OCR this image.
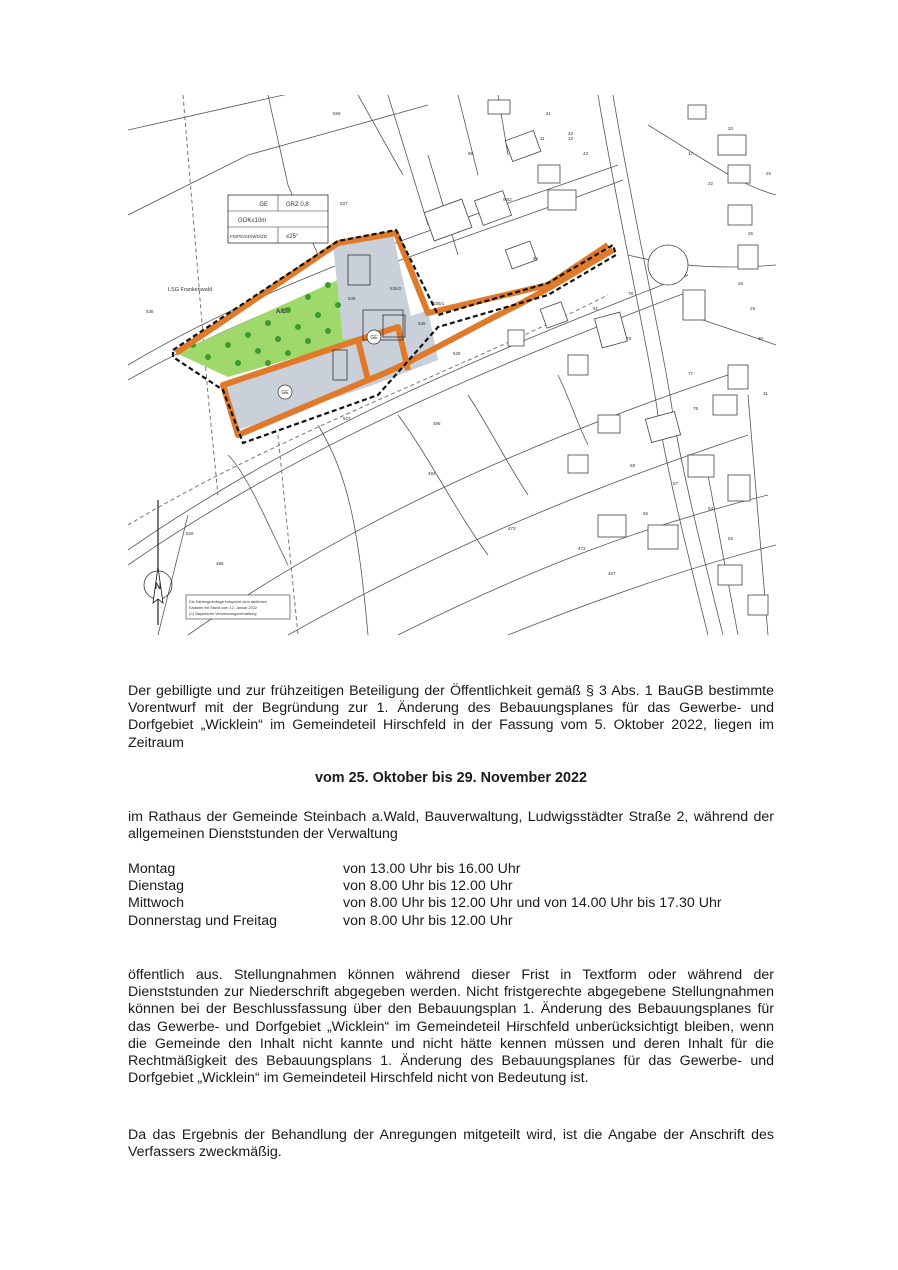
GE	GRZ 0,8
GOK≤10m
FD/PD/SD/WD/ZD	≤25°
LSG Frankenwald
A/E
GE
GE
556
537
538
539
536/2
535/1
535
529
527
495
494
473
472
467
526
496
96
94/2
94
91
79
78
77
75
58
57
56
54
52
41
42
43	17
20
22
25
26
28
29
30
31
11	12
N
Die Kartengrundlage entspricht dem amtlichen
Kataster mit Stand vom 12. Januar 2022
(C) Bayerische Vermessungsverwaltung
Der gebilligte und zur frühzeitigen Beteiligung der Öffentlichkeit gemäß § 3 Abs. 1 BauGB bestimmte Vorentwurf mit der Begründung zur 1. Änderung des Bebauungsplanes für das Gewerbe- und Dorfgebiet „Wicklein“ im Gemeindeteil Hirschfeld in der Fassung vom 5. Oktober 2022, liegen im Zeitraum
vom 25. Oktober bis 29. November 2022
im Rathaus der Gemeinde Steinbach a.Wald, Bauverwaltung, Ludwigsstädter Straße 2, während der allgemeinen Dienststunden der Verwaltung
Montag	von 13.00 Uhr bis 16.00 Uhr
Dienstag	von 8.00 Uhr bis 12.00 Uhr
Mittwoch	von 8.00 Uhr bis 12.00 Uhr und von 14.00 Uhr bis 17.30 Uhr
Donnerstag und Freitag	von 8.00 Uhr bis 12.00 Uhr
öffentlich aus. Stellungnahmen können während dieser Frist in Textform oder während der Dienststunden zur Niederschrift abgegeben werden. Nicht fristgerechte abgegebene Stellungnahmen können bei der Beschlussfassung über den Bebauungsplan 1. Änderung des Bebauungsplanes für das Gewerbe- und Dorfgebiet „Wicklein“ im Gemeindeteil Hirschfeld unberücksichtigt bleiben, wenn die Gemeinde den Inhalt nicht kannte und nicht hätte kennen müssen und deren Inhalt für die Rechtmäßigkeit des Bebauungsplans 1. Änderung des Bebauungsplanes für das Gewerbe- und Dorfgebiet „Wicklein“ im Gemeindeteil Hirschfeld nicht von Bedeutung ist.
Da das Ergebnis der Behandlung der Anregungen mitgeteilt wird, ist die Angabe der Anschrift des Verfassers zweckmäßig.
